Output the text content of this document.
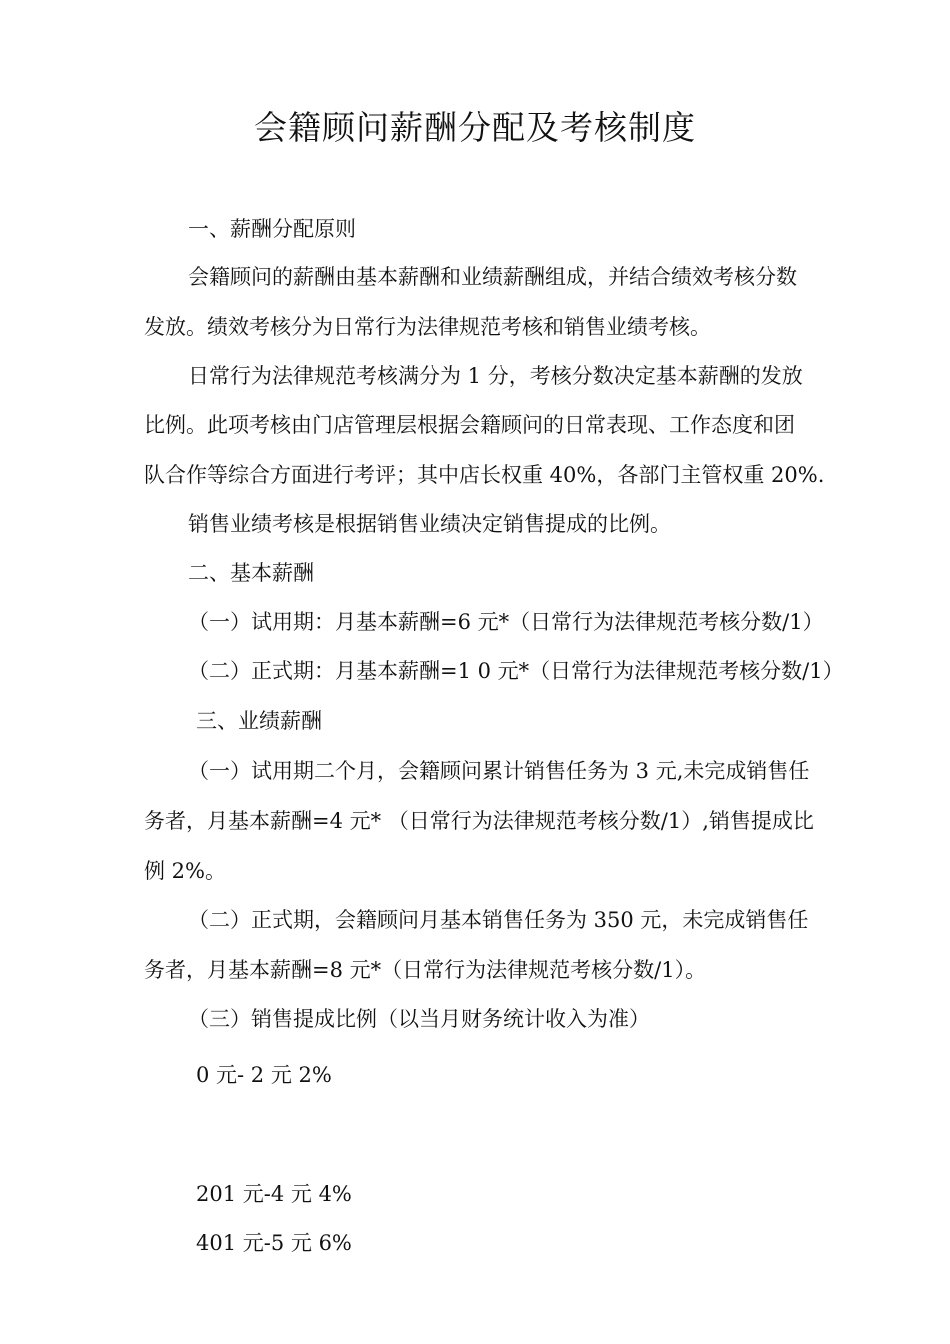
会籍顾问薪酬分配及考核制度
一、薪酬分配原则
会籍顾问的薪酬由基本薪酬和业绩薪酬组成，并结合绩效考核分数
发放。绩效考核分为日常行为法律规范考核和销售业绩考核。
日常行为法律规范考核满分为 1 分，考核分数决定基本薪酬的发放
比例。此项考核由门店管理层根据会籍顾问的日常表现、工作态度和团
队合作等综合方面进行考评；其中店长权重 40%，各部门主管权重 20%.
销售业绩考核是根据销售业绩决定销售提成的比例。
二、基本薪酬
（一）试用期：月基本薪酬=6 元*（日常行为法律规范考核分数/1）
（二）正式期：月基本薪酬=1 0 元*（日常行为法律规范考核分数/1）
三、业绩薪酬
（一）试用期二个月，会籍顾问累计销售任务为 3 元,未完成销售任
务者，月基本薪酬=4 元* （日常行为法律规范考核分数/1）,销售提成比
例 2%。
（二）正式期，会籍顾问月基本销售任务为 350 元，未完成销售任
务者，月基本薪酬=8 元*（日常行为法律规范考核分数/1）。
（三）销售提成比例（以当月财务统计收入为准）
0 元- 2 元 2%
201 元-4 元 4%
401 元-5 元 6%
